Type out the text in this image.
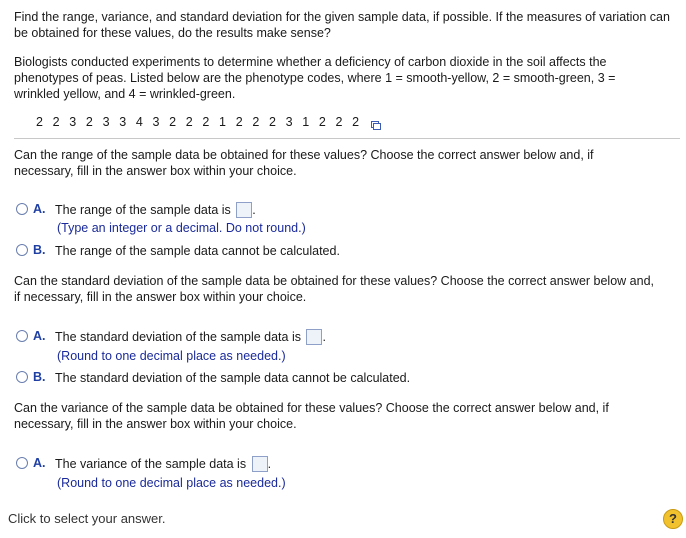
Find the range, variance, and standard deviation for the given sample data, if possible. If the measures of variation can be obtained for these values, do the results make sense?

Biologists conducted experiments to determine whether a deficiency of carbon dioxide in the soil affects the phenotypes of peas. Listed below are the phenotype codes, where 1 = smooth-yellow, 2 = smooth-green, 3 = wrinkled yellow, and 4 = wrinkled-green.

2 2 3 2 3 3 4 3 2 2 2 1 2 2 2 3 1 2 2 2

Can the range of the sample data be obtained for these values? Choose the correct answer below and, if necessary, fill in the answer box within your choice.

A. The range of the sample data is .
(Type an integer or a decimal. Do not round.)
B. The range of the sample data cannot be calculated.

Can the standard deviation of the sample data be obtained for these values? Choose the correct answer below and, if necessary, fill in the answer box within your choice.

A. The standard deviation of the sample data is .
(Round to one decimal place as needed.)
B. The standard deviation of the sample data cannot be calculated.

Can the variance of the sample data be obtained for these values? Choose the correct answer below and, if necessary, fill in the answer box within your choice.

A. The variance of the sample data is .
(Round to one decimal place as needed.)
Click to select your answer.	?
